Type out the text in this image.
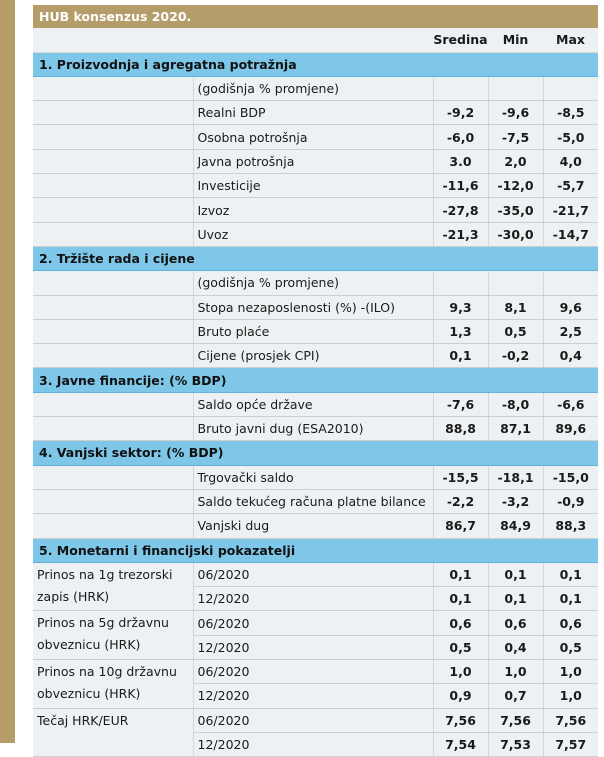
HUB konsenzus 2020.				
		Sredina	Min	Max
1. Proizvodnja i agregatna potražnja				
	(godišnja % promjene)			
	Realni BDP	-9,2	-9,6	-8,5
	Osobna potrošnja	-6,0	-7,5	-5,0
	Javna potrošnja	3.0	2,0	4,0
	Investicije	-11,6	-12,0	-5,7
	Izvoz	-27,8	-35,0	-21,7
	Uvoz	-21,3	-30,0	-14,7
2. Tržište rada i cijene				
	(godišnja % promjene)			
	Stopa nezaposlenosti (%) -(ILO)	9,3	8,1	9,6
	Bruto plaće	1,3	0,5	2,5
	Cijene (prosjek CPI)	0,1	-0,2	0,4
3. Javne financije: (% BDP)				
	Saldo opće države	-7,6	-8,0	-6,6
	Bruto javni dug (ESA2010)	88,8	87,1	89,6
4. Vanjski sektor: (% BDP)				
	Trgovački saldo	-15,5	-18,1	-15,0
	Saldo tekućeg računa platne bilance	-2,2	-3,2	-0,9
	Vanjski dug	86,7	84,9	88,3
5. Monetarni i financijski pokazatelji				
Prinos na 1g trezorski zapis (HRK)	06/2020	0,1	0,1	0,1
	12/2020	0,1	0,1	0,1
Prinos na 5g državnu obveznicu (HRK)	06/2020	0,6	0,6	0,6
	12/2020	0,5	0,4	0,5
Prinos na 10g državnu obveznicu (HRK)	06/2020	1,0	1,0	1,0
	12/2020	0,9	0,7	1,0
Tečaj HRK/EUR	06/2020	7,56	7,56	7,56
	12/2020	7,54	7,53	7,57
